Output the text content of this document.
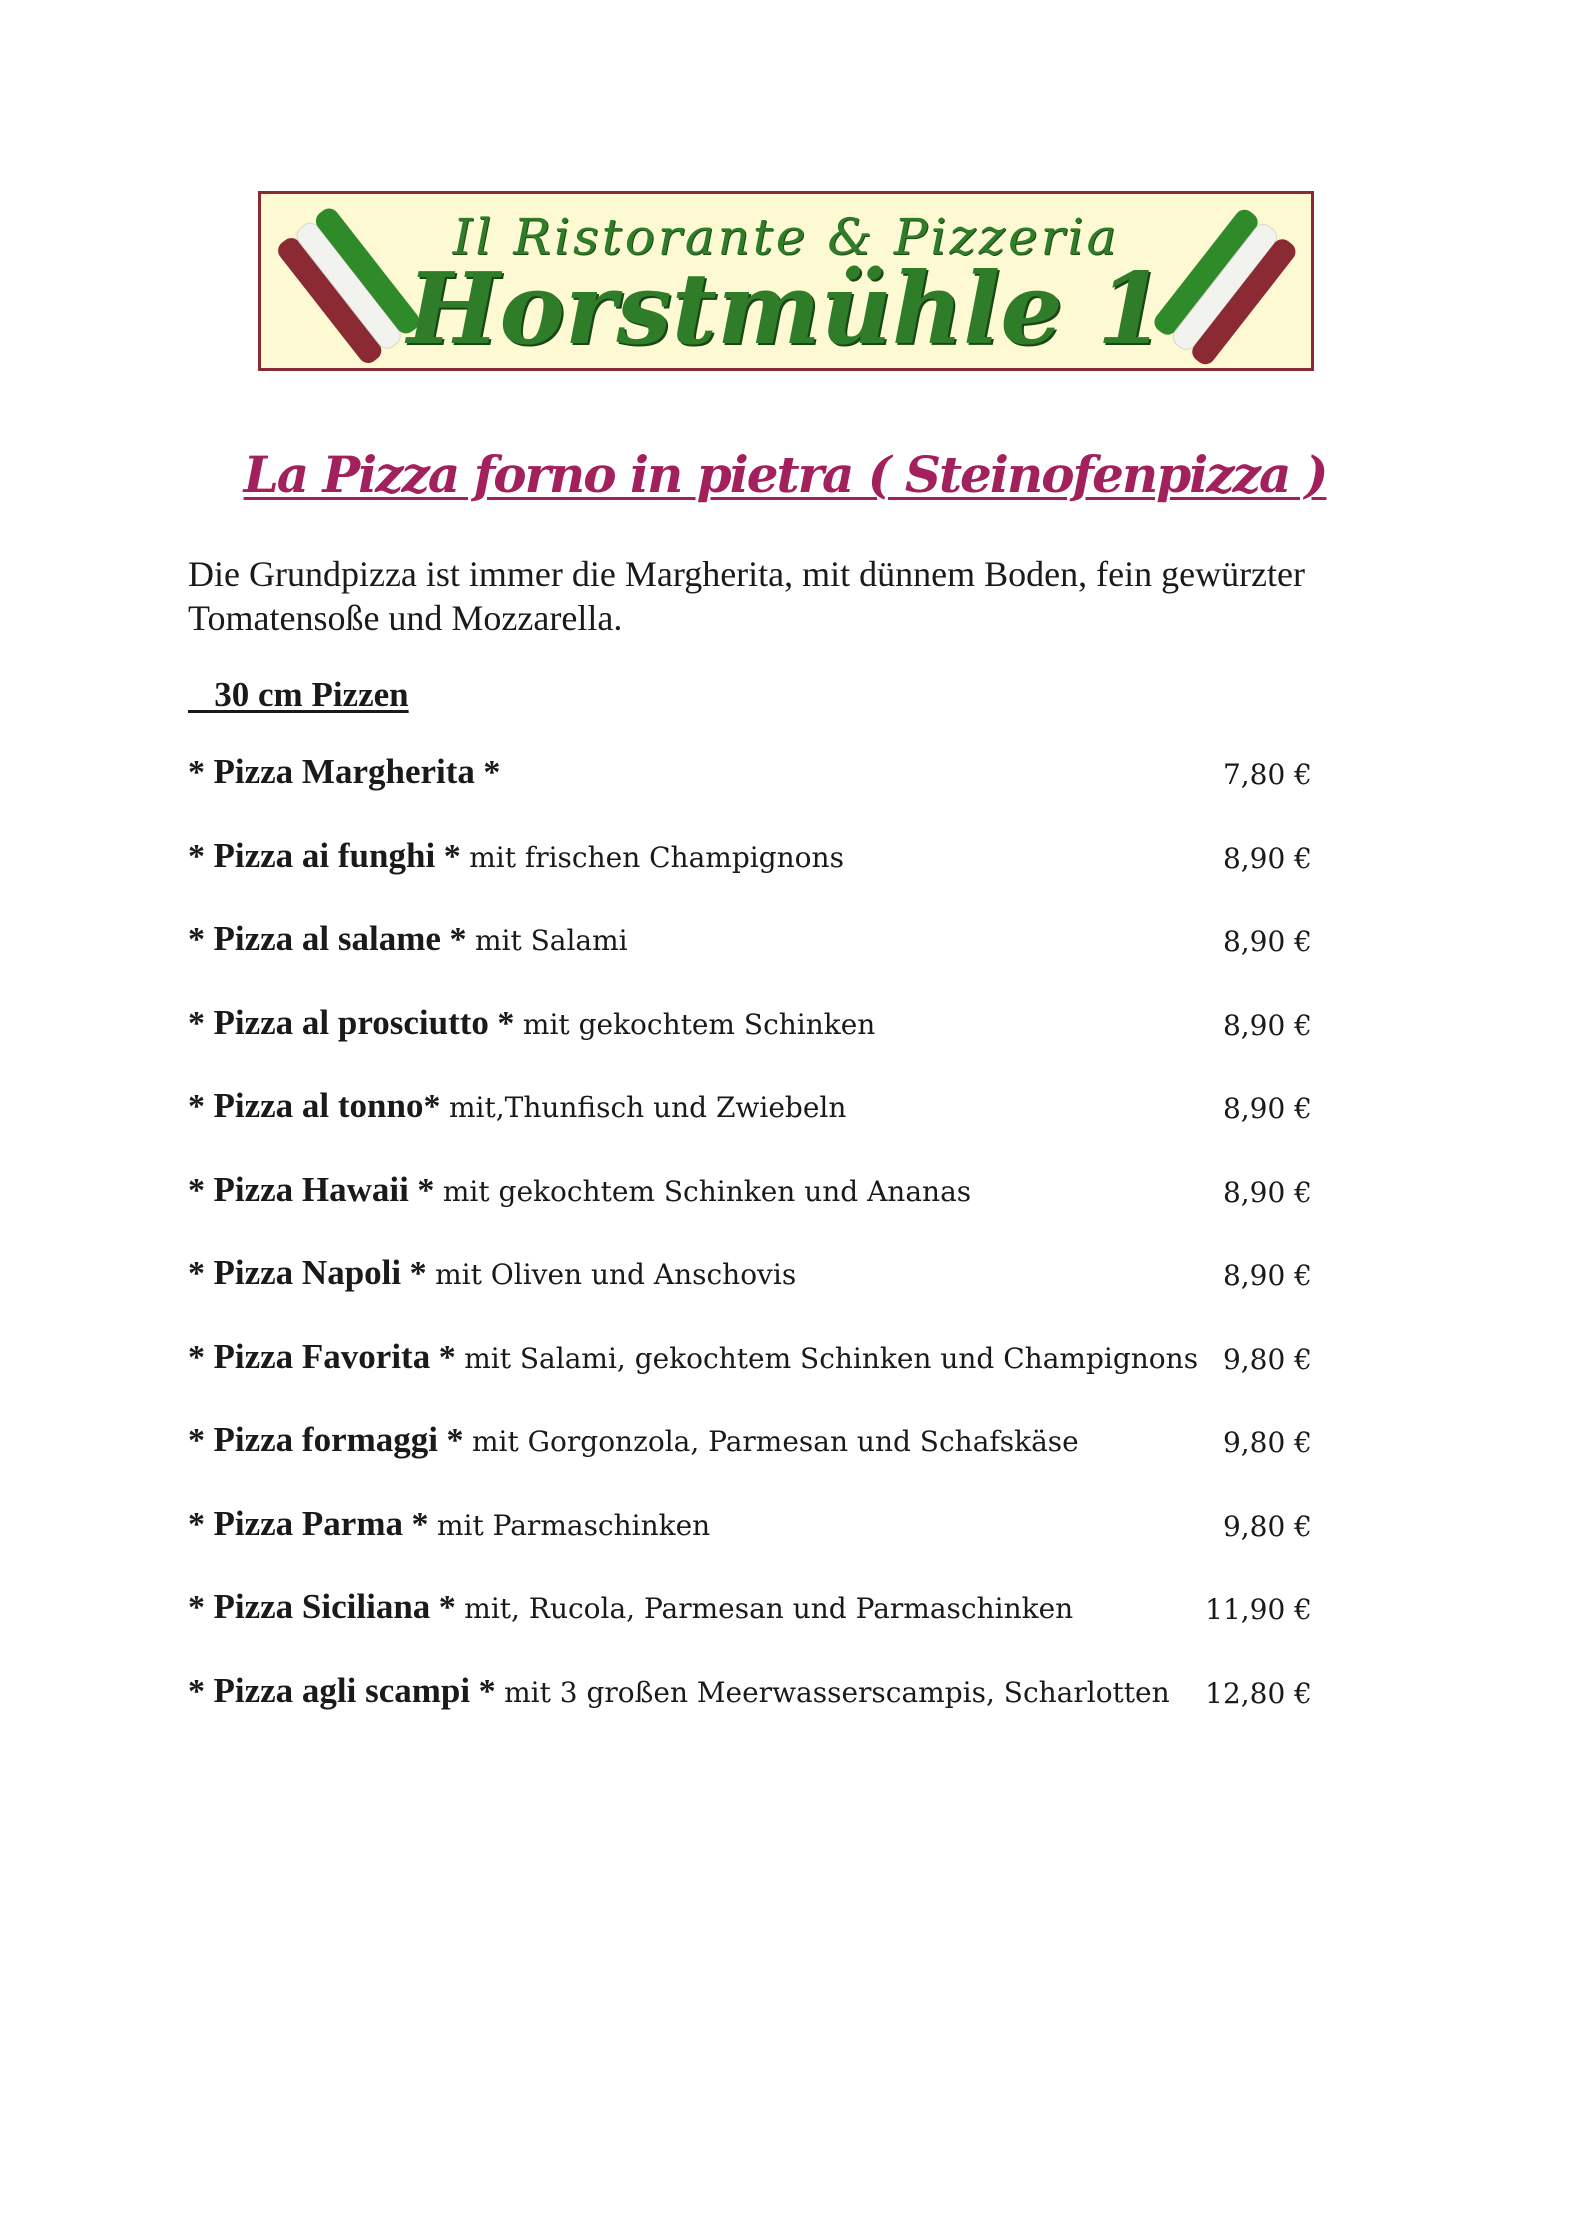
Il Ristorante & Pizzeria
Horstmühle 1
La Pizza forno in pietra ( Steinofenpizza )
Die Grundpizza ist immer die Margherita, mit dünnem Boden, fein gewürzter
Tomatensoße und Mozzarella.
30 cm Pizzen
* Pizza Margherita *	7,80 €
* Pizza ai funghi * mit frischen Champignons	8,90 €
* Pizza al salame * mit Salami	8,90 €
* Pizza al prosciutto * mit gekochtem Schinken	8,90 €
* Pizza al tonno* mit,Thunfisch und Zwiebeln	8,90 €
* Pizza Hawaii * mit gekochtem Schinken und Ananas	8,90 €
* Pizza Napoli * mit Oliven und Anschovis	8,90 €
* Pizza Favorita * mit Salami, gekochtem Schinken und Champignons 9,80 €
* Pizza formaggi * mit Gorgonzola, Parmesan und Schafskäse	9,80 €
* Pizza Parma * mit Parmaschinken	9,80 €
* Pizza Siciliana * mit, Rucola, Parmesan und Parmaschinken	11,90 €
* Pizza agli scampi * mit 3 großen Meerwasserscampis, Scharlotten 12,80 €
